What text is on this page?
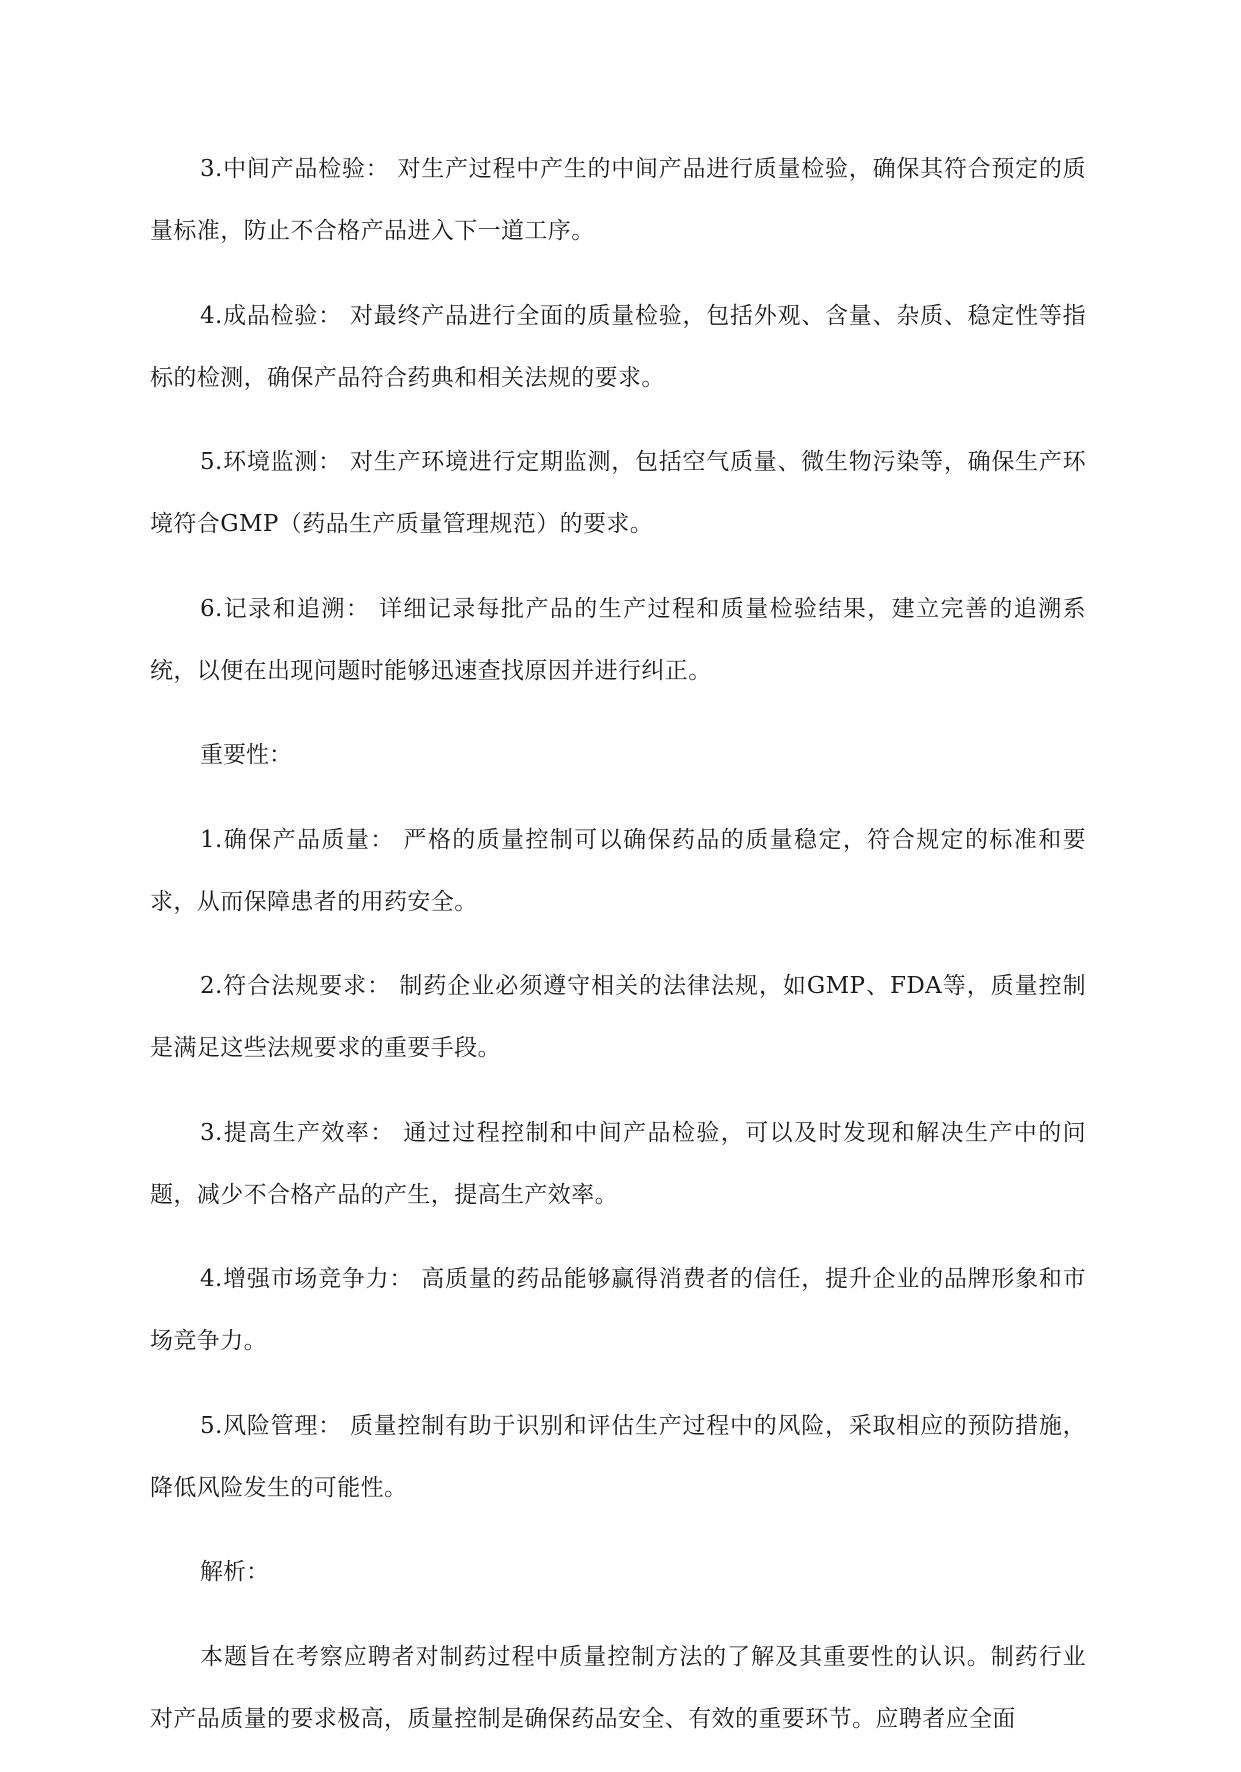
3.中间产品检验： 对生产过程中产生的中间产品进行质量检验，确保其符合预定的质量标准，防止不合格产品进入下一道工序。

4.成品检验： 对最终产品进行全面的质量检验，包括外观、含量、杂质、稳定性等指标的检测，确保产品符合药典和相关法规的要求。

5.环境监测： 对生产环境进行定期监测，包括空气质量、微生物污染等，确保生产环境符合GMP（药品生产质量管理规范）的要求。

6.记录和追溯： 详细记录每批产品的生产过程和质量检验结果，建立完善的追溯系统，以便在出现问题时能够迅速查找原因并进行纠正。

重要性：

1.确保产品质量： 严格的质量控制可以确保药品的质量稳定，符合规定的标准和要求，从而保障患者的用药安全。

2.符合法规要求： 制药企业必须遵守相关的法律法规，如GMP、FDA等，质量控制是满足这些法规要求的重要手段。

3.提高生产效率： 通过过程控制和中间产品检验，可以及时发现和解决生产中的问题，减少不合格产品的产生，提高生产效率。

4.增强市场竞争力： 高质量的药品能够赢得消费者的信任，提升企业的品牌形象和市场竞争力。

5.风险管理： 质量控制有助于识别和评估生产过程中的风险，采取相应的预防措施，降低风险发生的可能性。

解析：

本题旨在考察应聘者对制药过程中质量控制方法的了解及其重要性的认识。制药行业对产品质量的要求极高，质量控制是确保药品安全、有效的重要环节。应聘者应全面
